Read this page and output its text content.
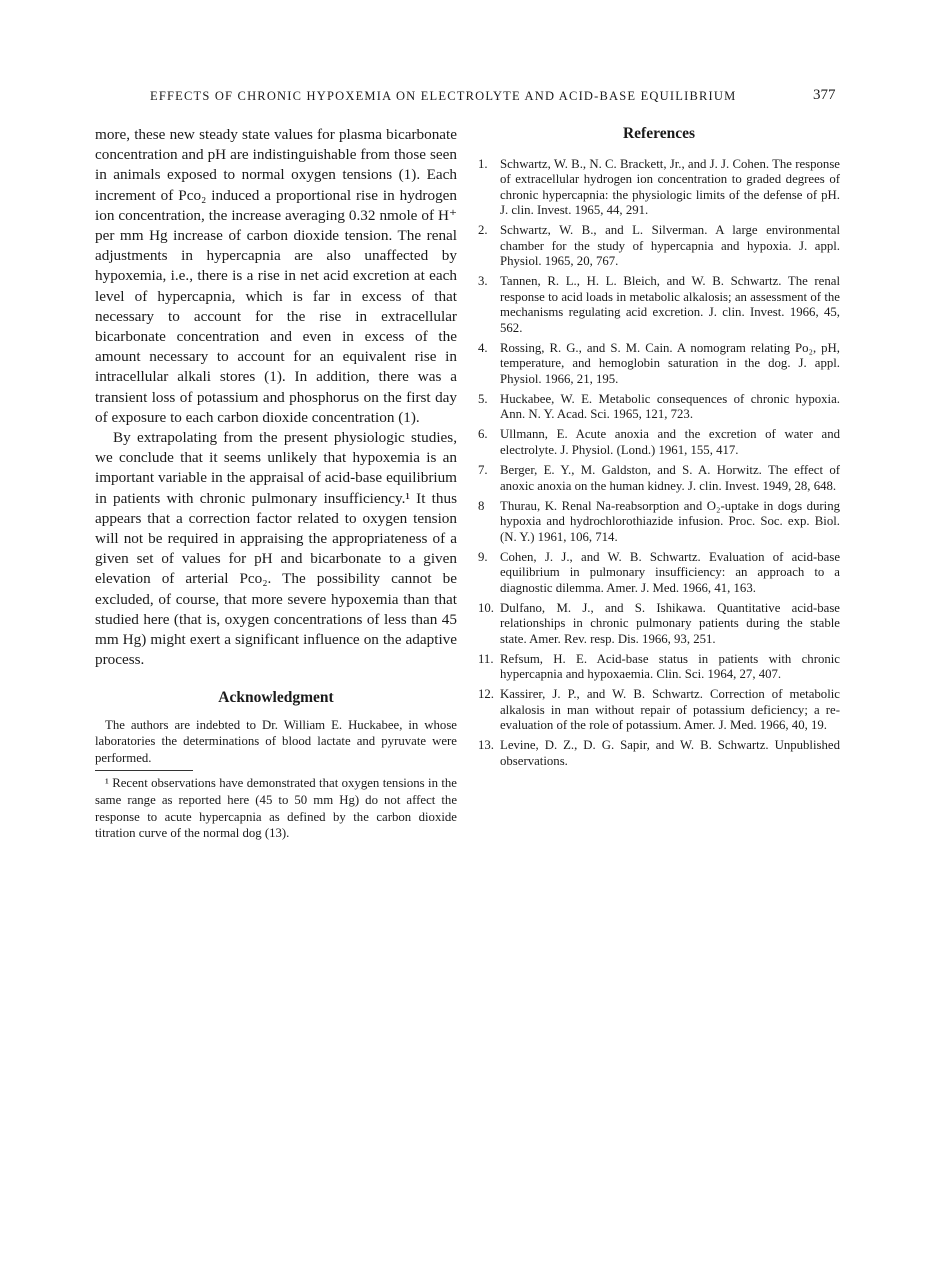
EFFECTS OF CHRONIC HYPOXEMIA ON ELECTROLYTE AND ACID-BASE EQUILIBRIUM	377

more, these new steady state values for plasma bicarbonate concentration and pH are indistinguishable from those seen in animals exposed to normal oxygen tensions (1). Each increment of Pco₂ induced a proportional rise in hydrogen ion concentration, the increase averaging 0.32 nmole of H⁺ per mm Hg increase of carbon dioxide tension. The renal adjustments in hypercapnia are also unaffected by hypoxemia, i.e., there is a rise in net acid excretion at each level of hypercapnia, which is far in excess of that necessary to account for the rise in extracellular bicarbonate concentration and even in excess of the amount necessary to account for an equivalent rise in intracellular alkali stores (1). In addition, there was a transient loss of potassium and phosphorus on the first day of exposure to each carbon dioxide concentration (1).

By extrapolating from the present physiologic studies, we conclude that it seems unlikely that hypoxemia is an important variable in the appraisal of acid-base equilibrium in patients with chronic pulmonary insufficiency.¹ It thus appears that a correction factor related to oxygen tension will not be required in appraising the appropriateness of a given set of values for pH and bicarbonate to a given elevation of arterial Pco₂. The possibility cannot be excluded, of course, that more severe hypoxemia than that studied here (that is, oxygen concentrations of less than 45 mm Hg) might exert a significant influence on the adaptive process.

Acknowledgment

The authors are indebted to Dr. William E. Huckabee, in whose laboratories the determinations of blood lactate and pyruvate were performed.

¹ Recent observations have demonstrated that oxygen tensions in the same range as reported here (45 to 50 mm Hg) do not affect the response to acute hypercapnia as defined by the carbon dioxide titration curve of the normal dog (13).

References
1. Schwartz, W. B., N. C. Brackett, Jr., and J. J. Cohen. The response of extracellular hydrogen ion concentration to graded degrees of chronic hypercapnia: the physiologic limits of the defense of pH. J. clin. Invest. 1965, 44, 291.
2. Schwartz, W. B., and L. Silverman. A large environmental chamber for the study of hypercapnia and hypoxia. J. appl. Physiol. 1965, 20, 767.
3. Tannen, R. L., H. L. Bleich, and W. B. Schwartz. The renal response to acid loads in metabolic alkalosis; an assessment of the mechanisms regulating acid excretion. J. clin. Invest. 1966, 45, 562.
4. Rossing, R. G., and S. M. Cain. A nomogram relating Po₂, pH, temperature, and hemoglobin saturation in the dog. J. appl. Physiol. 1966, 21, 195.
5. Huckabee, W. E. Metabolic consequences of chronic hypoxia. Ann. N. Y. Acad. Sci. 1965, 121, 723.
6. Ullmann, E. Acute anoxia and the excretion of water and electrolyte. J. Physiol. (Lond.) 1961, 155, 417.
7. Berger, E. Y., M. Galdston, and S. A. Horwitz. The effect of anoxic anoxia on the human kidney. J. clin. Invest. 1949, 28, 648.
8	Thurau, K. Renal Na-reabsorption and O₂-uptake in dogs during hypoxia and hydrochlorothiazide infusion. Proc. Soc. exp. Biol. (N. Y.) 1961, 106, 714.
9. Cohen, J. J., and W. B. Schwartz. Evaluation of acid-base equilibrium in pulmonary insufficiency: an approach to a diagnostic dilemma. Amer. J. Med. 1966, 41, 163.
10. Dulfano, M. J., and S. Ishikawa. Quantitative acid-base relationships in chronic pulmonary patients during the stable state. Amer. Rev. resp. Dis. 1966, 93, 251.
11. Refsum, H. E. Acid-base status in patients with chronic hypercapnia and hypoxaemia. Clin. Sci. 1964, 27, 407.
12. Kassirer, J. P., and W. B. Schwartz. Correction of metabolic alkalosis in man without repair of potassium deficiency; a re-evaluation of the role of potassium. Amer. J. Med. 1966, 40, 19.
13. Levine, D. Z., D. G. Sapir, and W. B. Schwartz. Unpublished observations.
